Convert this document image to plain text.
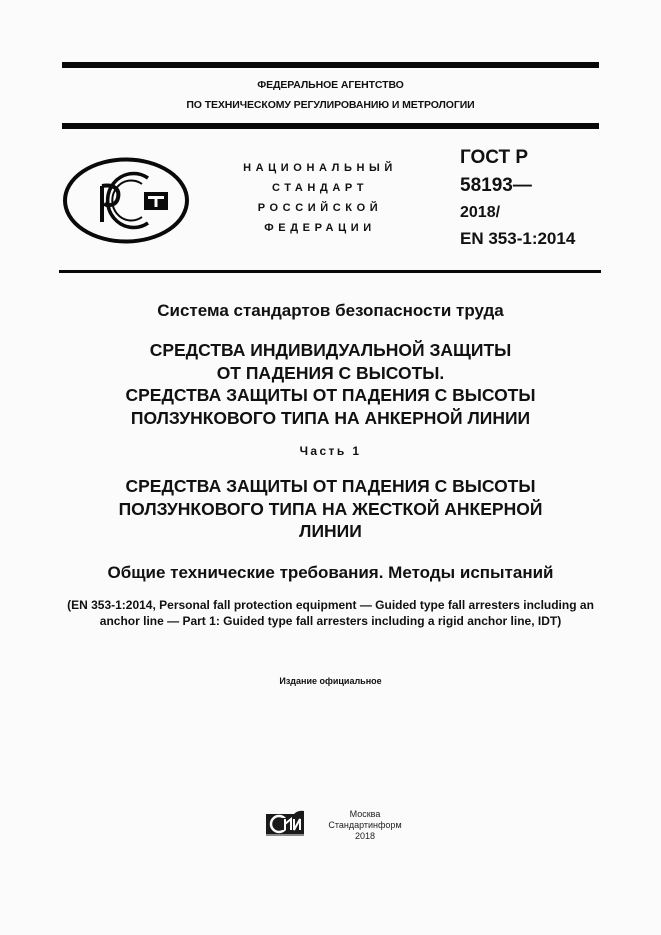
ФЕДЕРАЛЬНОЕ АГЕНТСТВО
ПО ТЕХНИЧЕСКОМУ РЕГУЛИРОВАНИЮ И МЕТРОЛОГИИ
НАЦИОНАЛЬНЫЙ
СТАНДАРТ
РОССИЙСКОЙ
ФЕДЕРАЦИИ
ГОСТ Р
58193—
2018/
EN 353-1:2014
Система стандартов безопасности труда
СРЕДСТВА ИНДИВИДУАЛЬНОЙ ЗАЩИТЫ
ОТ ПАДЕНИЯ С ВЫСОТЫ.
СРЕДСТВА ЗАЩИТЫ ОТ ПАДЕНИЯ С ВЫСОТЫ
ПОЛЗУНКОВОГО ТИПА НА АНКЕРНОЙ ЛИНИИ
Часть 1
СРЕДСТВА ЗАЩИТЫ ОТ ПАДЕНИЯ С ВЫСОТЫ
ПОЛЗУНКОВОГО ТИПА НА ЖЕСТКОЙ АНКЕРНОЙ
ЛИНИИ
Общие технические требования. Методы испытаний
(EN 353-1:2014, Personal fall protection equipment — Guided type fall arresters including an anchor line — Part 1: Guided type fall arresters including a rigid anchor line, IDT)
Издание официальное
Москва
Стандартинформ
2018
